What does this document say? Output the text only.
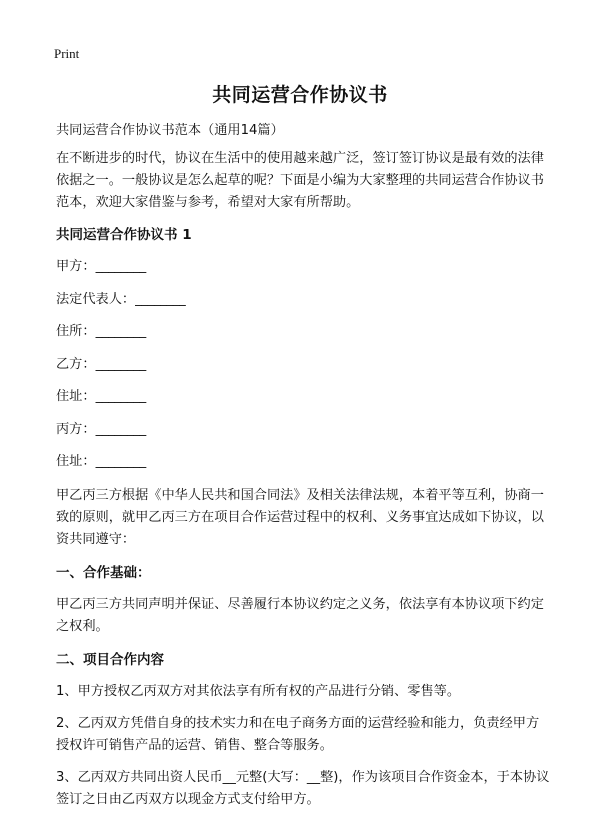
Print
共同运营合作协议书

共同运营合作协议书范本（通用14篇）

在不断进步的时代，协议在生活中的使用越来越广泛，签订签订协议是最有效的法律依据之一。一般协议是怎么起草的呢？下面是小编为大家整理的共同运营合作协议书范本，欢迎大家借鉴与参考，希望对大家有所帮助。

共同运营合作协议书 1
甲方：________
法定代表人：________
住所：________
乙方：________
住址：________
丙方：________
住址：________

甲乙丙三方根据《中华人民共和国合同法》及相关法律法规，本着平等互利，协商一致的原则，就甲乙丙三方在项目合作运营过程中的权利、义务事宜达成如下协议，以资共同遵守：

一、合作基础：

甲乙丙三方共同声明并保证、尽善履行本协议约定之义务，依法享有本协议项下约定之权利。

二、项目合作内容

1、甲方授权乙丙双方对其依法享有所有权的产品进行分销、零售等。

2、乙丙双方凭借自身的技术实力和在电子商务方面的运营经验和能力，负责经甲方授权许可销售产品的运营、销售、整合等服务。

3、乙丙双方共同出资人民币__元整(大写：__整)，作为该项目合作资金本，于本协议签订之日由乙丙双方以现金方式支付给甲方。
